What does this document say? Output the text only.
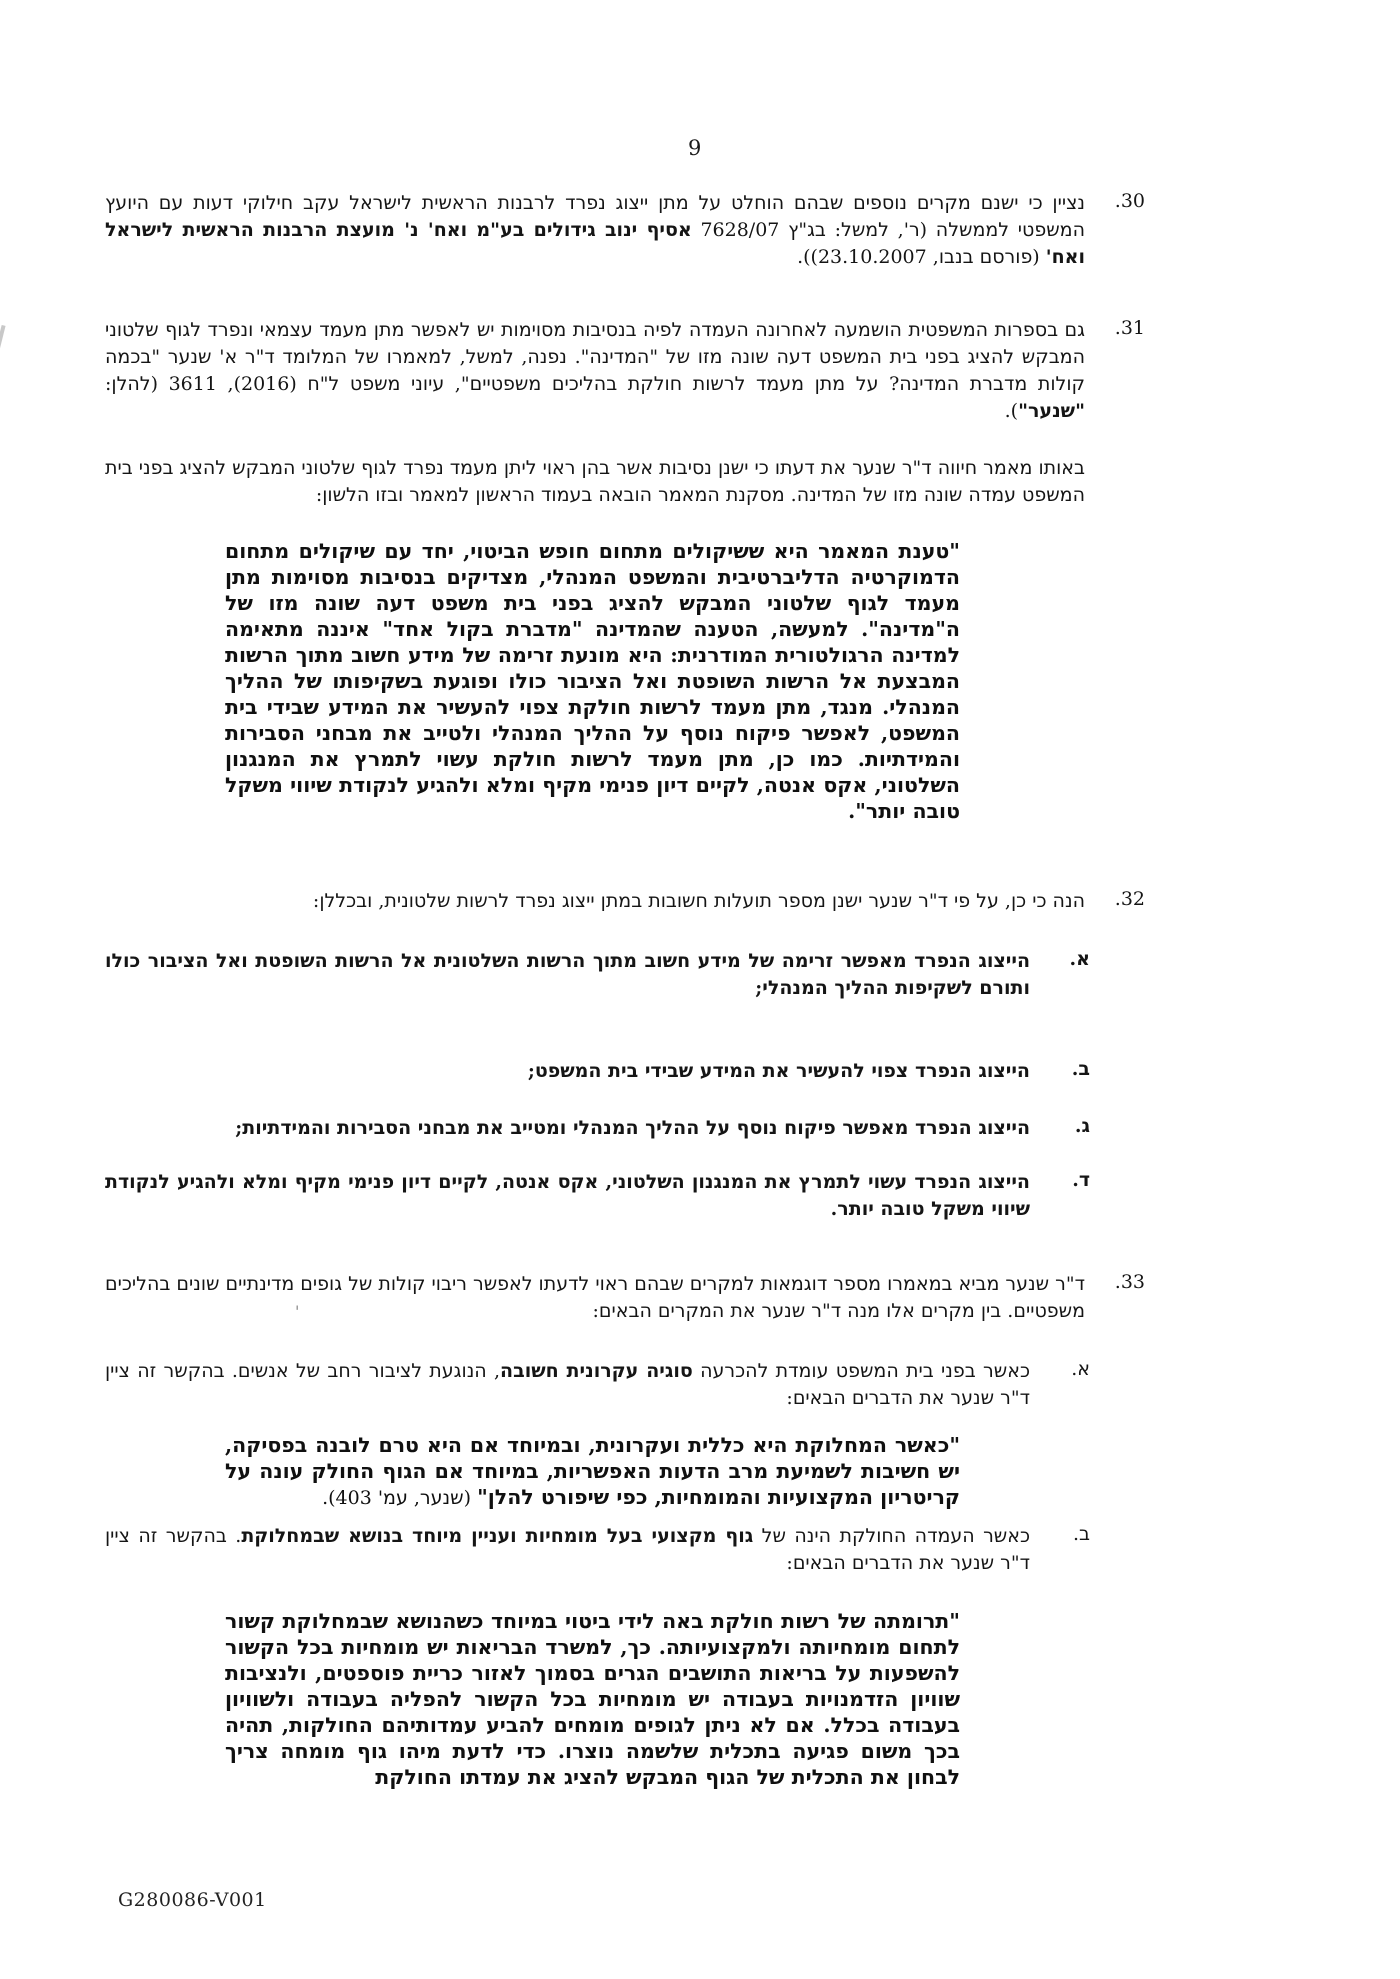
'
9
30.
נציין כי ישנם מקרים נוספים שבהם הוחלט על מתן ייצוג נפרד לרבנות הראשית לישראל עקב חילוקי דעות עם היועץ המשפטי לממשלה (ר', למשל: בג"ץ 7628/07 אסיף ינוב גידולים בע"מ ואח' נ' מועצת הרבנות הראשית לישראל ואח' (פורסם בנבו, 23.10.2007)).
31.
גם בספרות המשפטית הושמעה לאחרונה העמדה לפיה בנסיבות מסוימות יש לאפשר מתן מעמד עצמאי ונפרד לגוף שלטוני המבקש להציג בפני בית המשפט דעה שונה מזו של "המדינה". נפנה, למשל, למאמרו של המלומד ד"ר א' שנער "בכמה קולות מדברת המדינה? על מתן מעמד לרשות חולקת בהליכים משפטיים", עיוני משפט ל"ח (2016), 3611 (להלן: "שנער").
באותו מאמר חיווה ד"ר שנער את דעתו כי ישנן נסיבות אשר בהן ראוי ליתן מעמד נפרד לגוף שלטוני המבקש להציג בפני בית המשפט עמדה שונה מזו של המדינה. מסקנת המאמר הובאה בעמוד הראשון למאמר ובזו הלשון:
"טענת המאמר היא ששיקולים מתחום חופש הביטוי, יחד עם שיקולים מתחום הדמוקרטיה הדליברטיבית והמשפט המנהלי, מצדיקים בנסיבות מסוימות מתן מעמד לגוף שלטוני המבקש להציג בפני בית משפט דעה שונה מזו של ה"מדינה". למעשה, הטענה שהמדינה "מדברת בקול אחד" איננה מתאימה למדינה הרגולטורית המודרנית: היא מונעת זרימה של מידע חשוב מתוך הרשות המבצעת אל הרשות השופטת ואל הציבור כולו ופוגעת בשקיפותו של ההליך המנהלי. מנגד, מתן מעמד לרשות חולקת צפוי להעשיר את המידע שבידי בית המשפט, לאפשר פיקוח נוסף על ההליך המנהלי ולטייב את מבחני הסבירות והמידתיות. כמו כן, מתן מעמד לרשות חולקת עשוי לתמרץ את המנגנון השלטוני, אקס אנטה, לקיים דיון פנימי מקיף ומלא ולהגיע לנקודת שיווי משקל טובה יותר".
32.
הנה כי כן, על פי ד"ר שנער ישנן מספר תועלות חשובות במתן ייצוג נפרד לרשות שלטונית, ובכללן:
א.
הייצוג הנפרד מאפשר זרימה של מידע חשוב מתוך הרשות השלטונית אל הרשות השופטת ואל הציבור כולו ותורם לשקיפות ההליך המנהלי;
ב.
הייצוג הנפרד צפוי להעשיר את המידע שבידי בית המשפט;
ג.
הייצוג הנפרד מאפשר פיקוח נוסף על ההליך המנהלי ומטייב את מבחני הסבירות והמידתיות;
ד.
הייצוג הנפרד עשוי לתמרץ את המנגנון השלטוני, אקס אנטה, לקיים דיון פנימי מקיף ומלא ולהגיע לנקודת שיווי משקל טובה יותר.
33.
ד"ר שנער מביא במאמרו מספר דוגמאות למקרים שבהם ראוי לדעתו לאפשר ריבוי קולות של גופים מדינתיים שונים בהליכים משפטיים. בין מקרים אלו מנה ד"ר שנער את המקרים הבאים:
א.
כאשר בפני בית המשפט עומדת להכרעה סוגיה עקרונית חשובה, הנוגעת לציבור רחב של אנשים. בהקשר זה ציין ד"ר שנער את הדברים הבאים:
"כאשר המחלוקת היא כללית ועקרונית, ובמיוחד אם היא טרם לובנה בפסיקה, יש חשיבות לשמיעת מרב הדעות האפשריות, במיוחד אם הגוף החולק עונה על קריטריון המקצועיות והמומחיות, כפי שיפורט להלן" (שנער, עמ' 403).
ב.
כאשר העמדה החולקת הינה של גוף מקצועי בעל מומחיות ועניין מיוחד בנושא שבמחלוקת. בהקשר זה ציין ד"ר שנער את הדברים הבאים:
"תרומתה של רשות חולקת באה לידי ביטוי במיוחד כשהנושא שבמחלוקת קשור לתחום מומחיותה ולמקצועיותה. כך, למשרד הבריאות יש מומחיות בכל הקשור להשפעות על בריאות התושבים הגרים בסמוך לאזור כריית פוספטים, ולנציבות שוויון הזדמנויות בעבודה יש מומחיות בכל הקשור להפליה בעבודה ולשוויון בעבודה בכלל. אם לא ניתן לגופים מומחים להביע עמדותיהם החולקות, תהיה בכך משום פגיעה בתכלית שלשמה נוצרו. כדי לדעת מיהו גוף מומחה צריך לבחון את התכלית של הגוף המבקש להציג את עמדתו החולקת
G280086-V001
